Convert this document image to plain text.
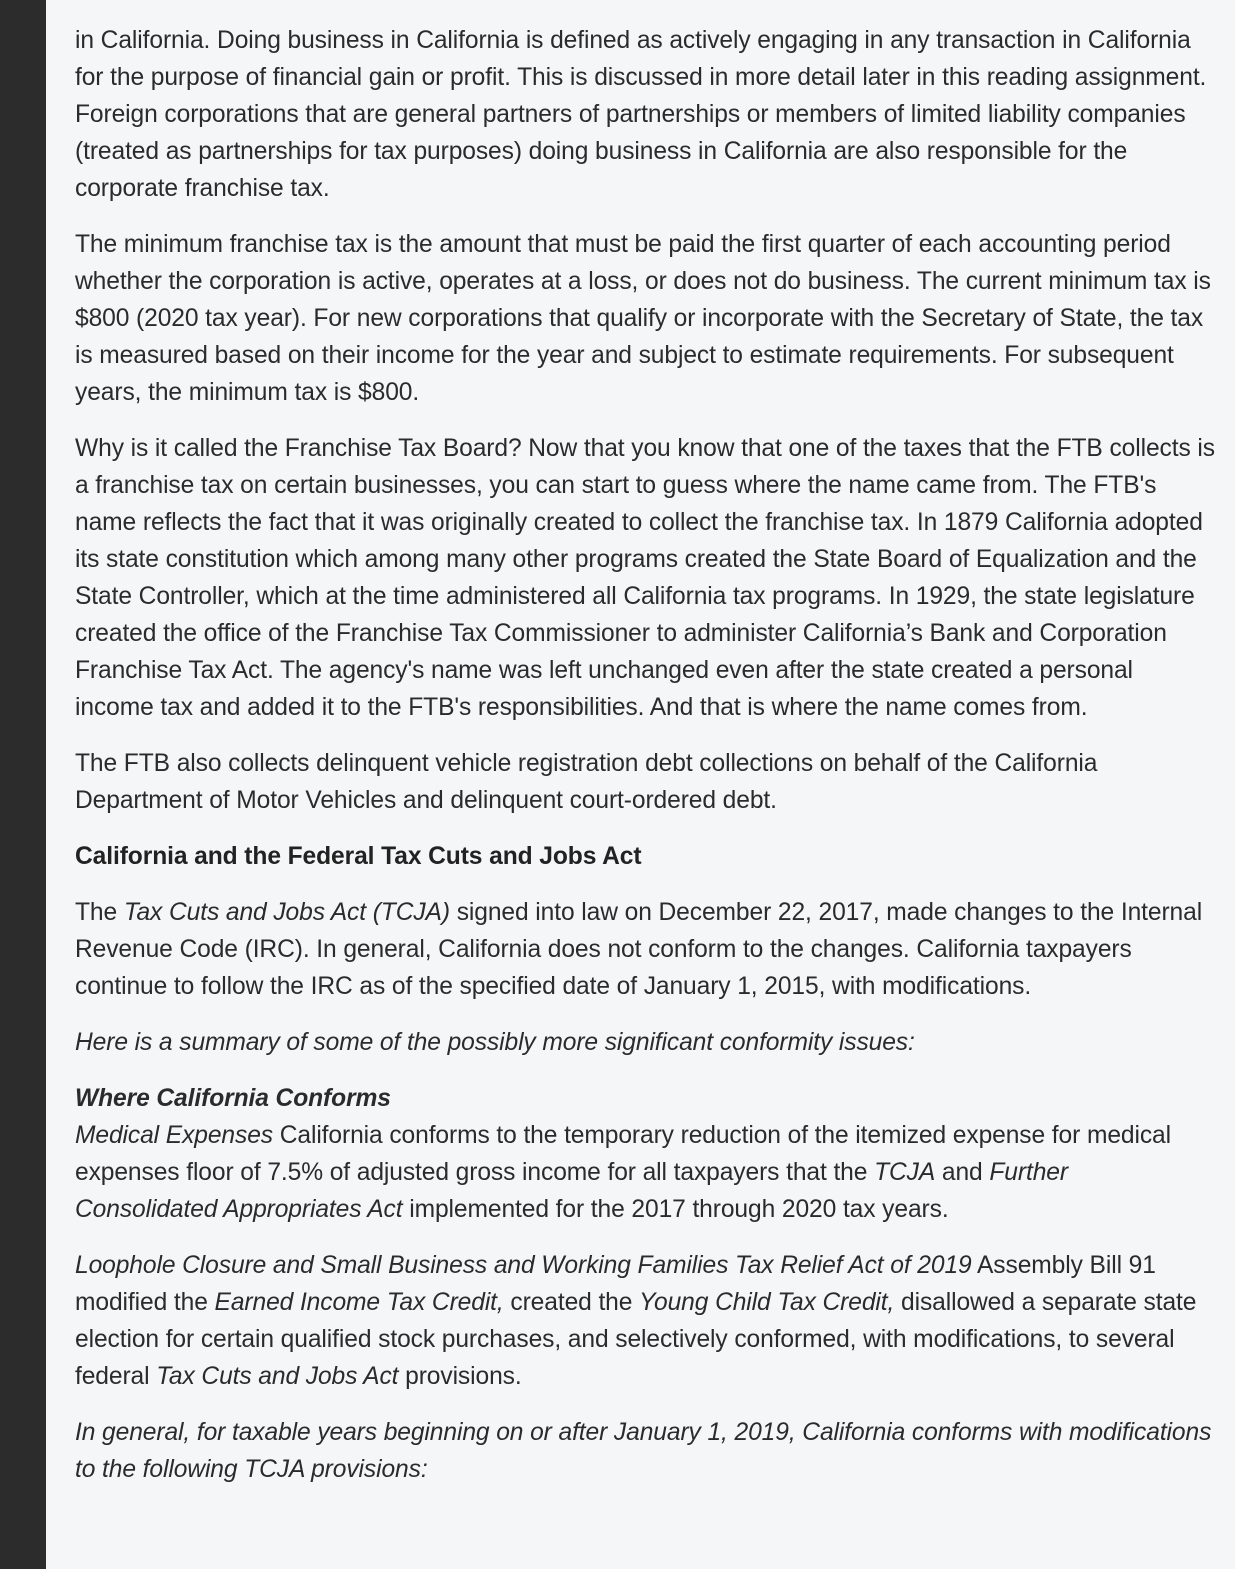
in California. Doing business in California is defined as actively engaging in any transaction in California for the purpose of financial gain or profit. This is discussed in more detail later in this reading assignment. Foreign corporations that are general partners of partnerships or members of limited liability companies (treated as partnerships for tax purposes) doing business in California are also responsible for the corporate franchise tax.

The minimum franchise tax is the amount that must be paid the first quarter of each accounting period whether the corporation is active, operates at a loss, or does not do business. The current minimum tax is $800 (2020 tax year). For new corporations that qualify or incorporate with the Secretary of State, the tax is measured based on their income for the year and subject to estimate requirements. For subsequent years, the minimum tax is $800.

Why is it called the Franchise Tax Board? Now that you know that one of the taxes that the FTB collects is a franchise tax on certain businesses, you can start to guess where the name came from. The FTB's name reflects the fact that it was originally created to collect the franchise tax. In 1879 California adopted its state constitution which among many other programs created the State Board of Equalization and the State Controller, which at the time administered all California tax programs. In 1929, the state legislature created the office of the Franchise Tax Commissioner to administer California’s Bank and Corporation Franchise Tax Act. The agency's name was left unchanged even after the state created a personal income tax and added it to the FTB's responsibilities. And that is where the name comes from.

The FTB also collects delinquent vehicle registration debt collections on behalf of the California Department of Motor Vehicles and delinquent court-ordered debt.

California and the Federal Tax Cuts and Jobs Act

The Tax Cuts and Jobs Act (TCJA) signed into law on December 22, 2017, made changes to the Internal Revenue Code (IRC). In general, California does not conform to the changes. California taxpayers continue to follow the IRC as of the specified date of January 1, 2015, with modifications.

Here is a summary of some of the possibly more significant conformity issues:

Where California Conforms

Medical Expenses California conforms to the temporary reduction of the itemized expense for medical expenses floor of 7.5% of adjusted gross income for all taxpayers that the TCJA and Further Consolidated Appropriates Act implemented for the 2017 through 2020 tax years.

Loophole Closure and Small Business and Working Families Tax Relief Act of 2019 Assembly Bill 91 modified the Earned Income Tax Credit, created the Young Child Tax Credit, disallowed a separate state election for certain qualified stock purchases, and selectively conformed, with modifications, to several federal Tax Cuts and Jobs Act provisions.

In general, for taxable years beginning on or after January 1, 2019, California conforms with modifications to the following TCJA provisions:
